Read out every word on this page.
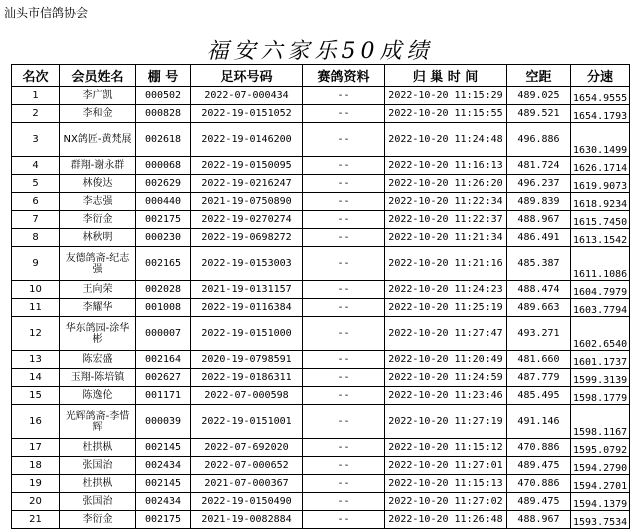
汕头市信鸽协会
福安六家乐50成绩
名次	会员姓名	棚 号	足环号码	赛鸽资料	归 巢 时 间	空距	分速
1	李广凯	000502	2022-07-000434	--	2022-10-20 11:15:29	489.025	1654.9555
2	李和金	000828	2022-19-0151052	--	2022-10-20 11:15:55	489.521	1654.1793
3	NX鸽匠-黄梵展	002618	2022-19-0146200	--	2022-10-20 11:24:48	496.886	1630.1499
4	群翔-谢永群	000068	2022-19-0150095	--	2022-10-20 11:16:13	481.724	1626.1714
5	林俊达	002629	2022-19-0216247	--	2022-10-20 11:26:20	496.237	1619.9073
6	李志强	000440	2021-19-0750890	--	2022-10-20 11:22:34	489.839	1618.9234
7	李衍金	002175	2022-19-0270274	--	2022-10-20 11:22:37	488.967	1615.7450
8	林秋明	000230	2022-19-0698272	--	2022-10-20 11:21:34	486.491	1613.1542
9	友德鸽斋-纪志强	002165	2022-19-0153003	--	2022-10-20 11:21:16	485.387	1611.1086
10	王向荣	002028	2021-19-0131157	--	2022-10-20 11:24:23	488.474	1604.7979
11	李耀华	001008	2022-19-0116384	--	2022-10-20 11:25:19	489.663	1603.7794
12	华东鸽园-涂华彬	000007	2022-19-0151000	--	2022-10-20 11:27:47	493.271	1602.6540
13	陈宏盛	002164	2020-19-0798591	--	2022-10-20 11:20:49	481.660	1601.1737
14	玉翔-陈培镇	002627	2022-19-0186311	--	2022-10-20 11:24:59	487.779	1599.3139
15	陈逸伦	001171	2022-07-000598	--	2022-10-20 11:23:46	485.495	1598.1779
16	光辉鸽斋-李惜辉	000039	2022-19-0151001	--	2022-10-20 11:27:19	491.146	1598.1167
17	杜拱枞	002145	2022-07-692020	--	2022-10-20 11:15:12	470.886	1595.0792
18	张国治	002434	2022-07-000652	--	2022-10-20 11:27:01	489.475	1594.2790
19	杜拱枞	002145	2021-07-000367	--	2022-10-20 11:15:13	470.886	1594.2701
20	张国治	002434	2022-19-0150490	--	2022-10-20 11:27:02	489.475	1594.1379
21	李衍金	002175	2021-19-0082884	--	2022-10-20 11:26:48	488.967	1593.7534
